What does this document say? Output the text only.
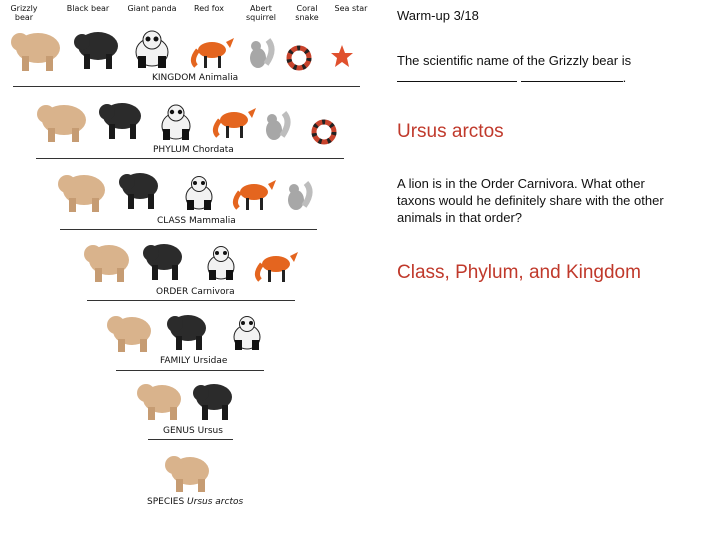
Grizzly bear
Black bear Giant panda Red fox	Abert squirrel
Coral snake
Sea star
KINGDOM Animalia
PHYLUM Chordata
CLASS Mammalia
ORDER Carnivora
FAMILY Ursidae
GENUS Ursus
SPECIES Ursus arctos
Warm-up 3/18
The scientific name of the Grizzly bear is
.
Ursus arctos
A lion is in the Order Carnivora. What other
taxons would he definitely share with the other
animals in that order?
Class, Phylum, and Kingdom
